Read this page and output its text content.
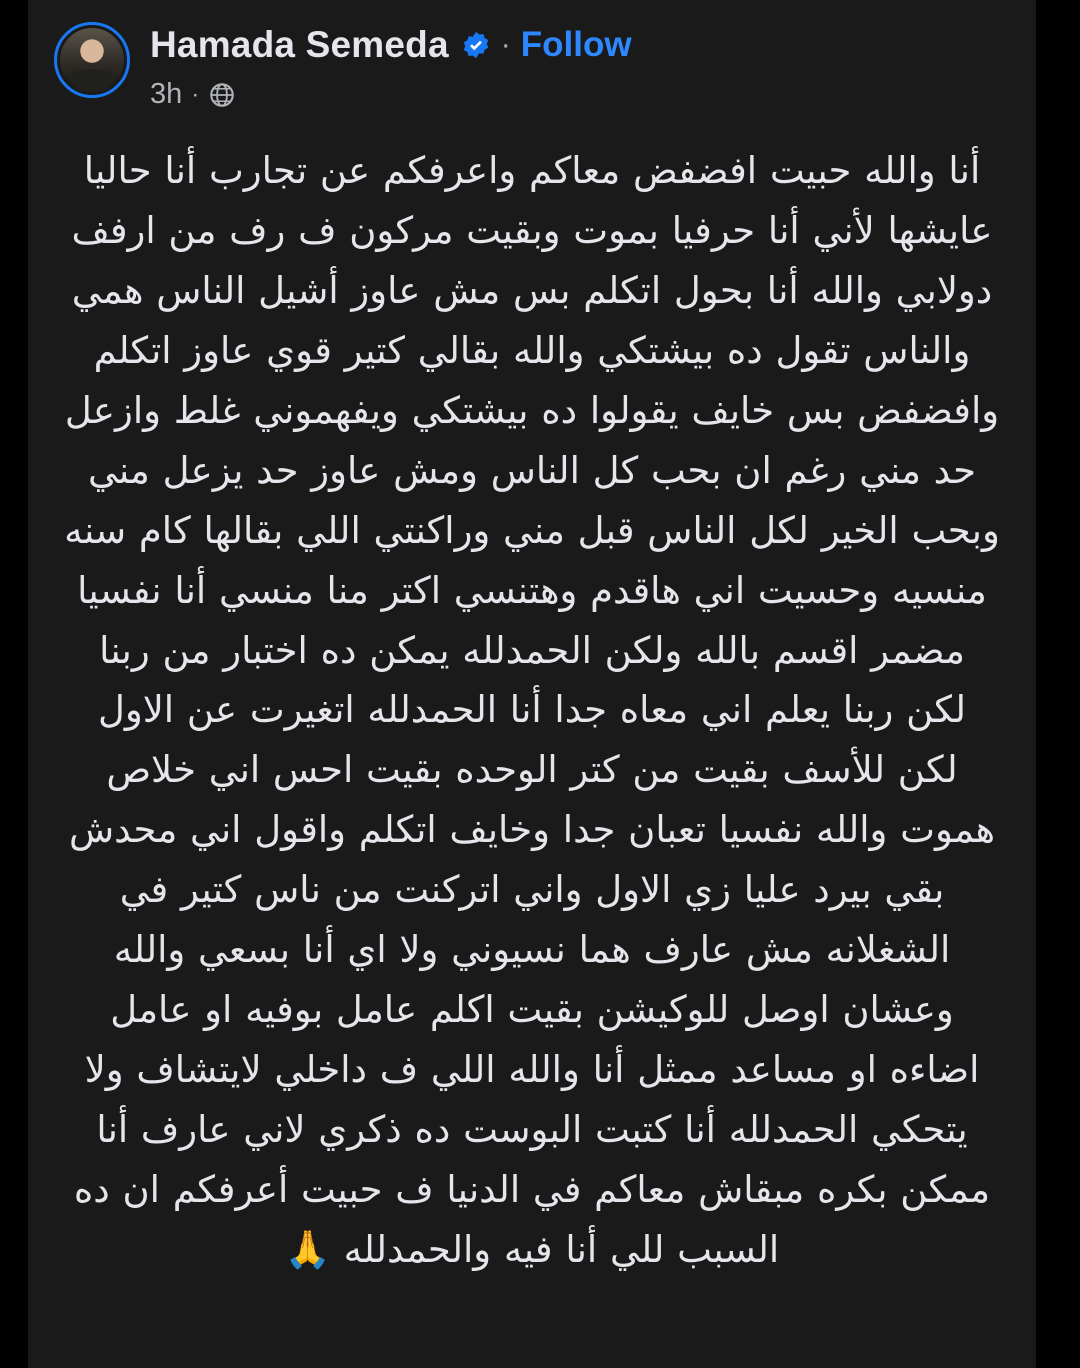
Hamada Semeda · Follow
3h ·
أنا والله حبيت افضفض معاكم واعرفكم عن تجارب أنا حاليا عايشها لأني أنا حرفيا بموت وبقيت مركون ف رف من ارفف دولابي والله أنا بحول اتكلم بس مش عاوز أشيل الناس همي والناس تقول ده بيشتكي والله بقالي كتير قوي عاوز اتكلم وافضفض بس خايف يقولوا ده بيشتكي ويفهموني غلط وازعل حد مني رغم ان بحب كل الناس ومش عاوز حد يزعل مني وبحب الخير لكل الناس قبل مني وراكنتي اللي بقالها كام سنه منسيه وحسيت اني هاقدم وهتنسي اكتر منا منسي أنا نفسيا مضمر اقسم بالله ولكن الحمدلله يمكن ده اختبار من ربنا لكن ربنا يعلم اني معاه جدا أنا الحمدلله اتغيرت عن الاول لكن للأسف بقيت من كتر الوحده بقيت احس اني خلاص هموت والله نفسيا تعبان جدا وخايف اتكلم واقول اني محدش بقي بيرد عليا زي الاول واني اتركنت من ناس كتير في الشغلانه مش عارف هما نسيوني ولا اي أنا بسعي والله وعشان اوصل للوكيشن بقيت اكلم عامل بوفيه او عامل اضاءه او مساعد ممثل أنا والله اللي ف داخلي لايتشاف ولا يتحكي الحمدلله أنا كتبت البوست ده ذكري لاني عارف أنا ممكن بكره مبقاش معاكم في الدنيا ف حبيت أعرفكم ان ده السبب للي أنا فيه والحمدلله 🙏
